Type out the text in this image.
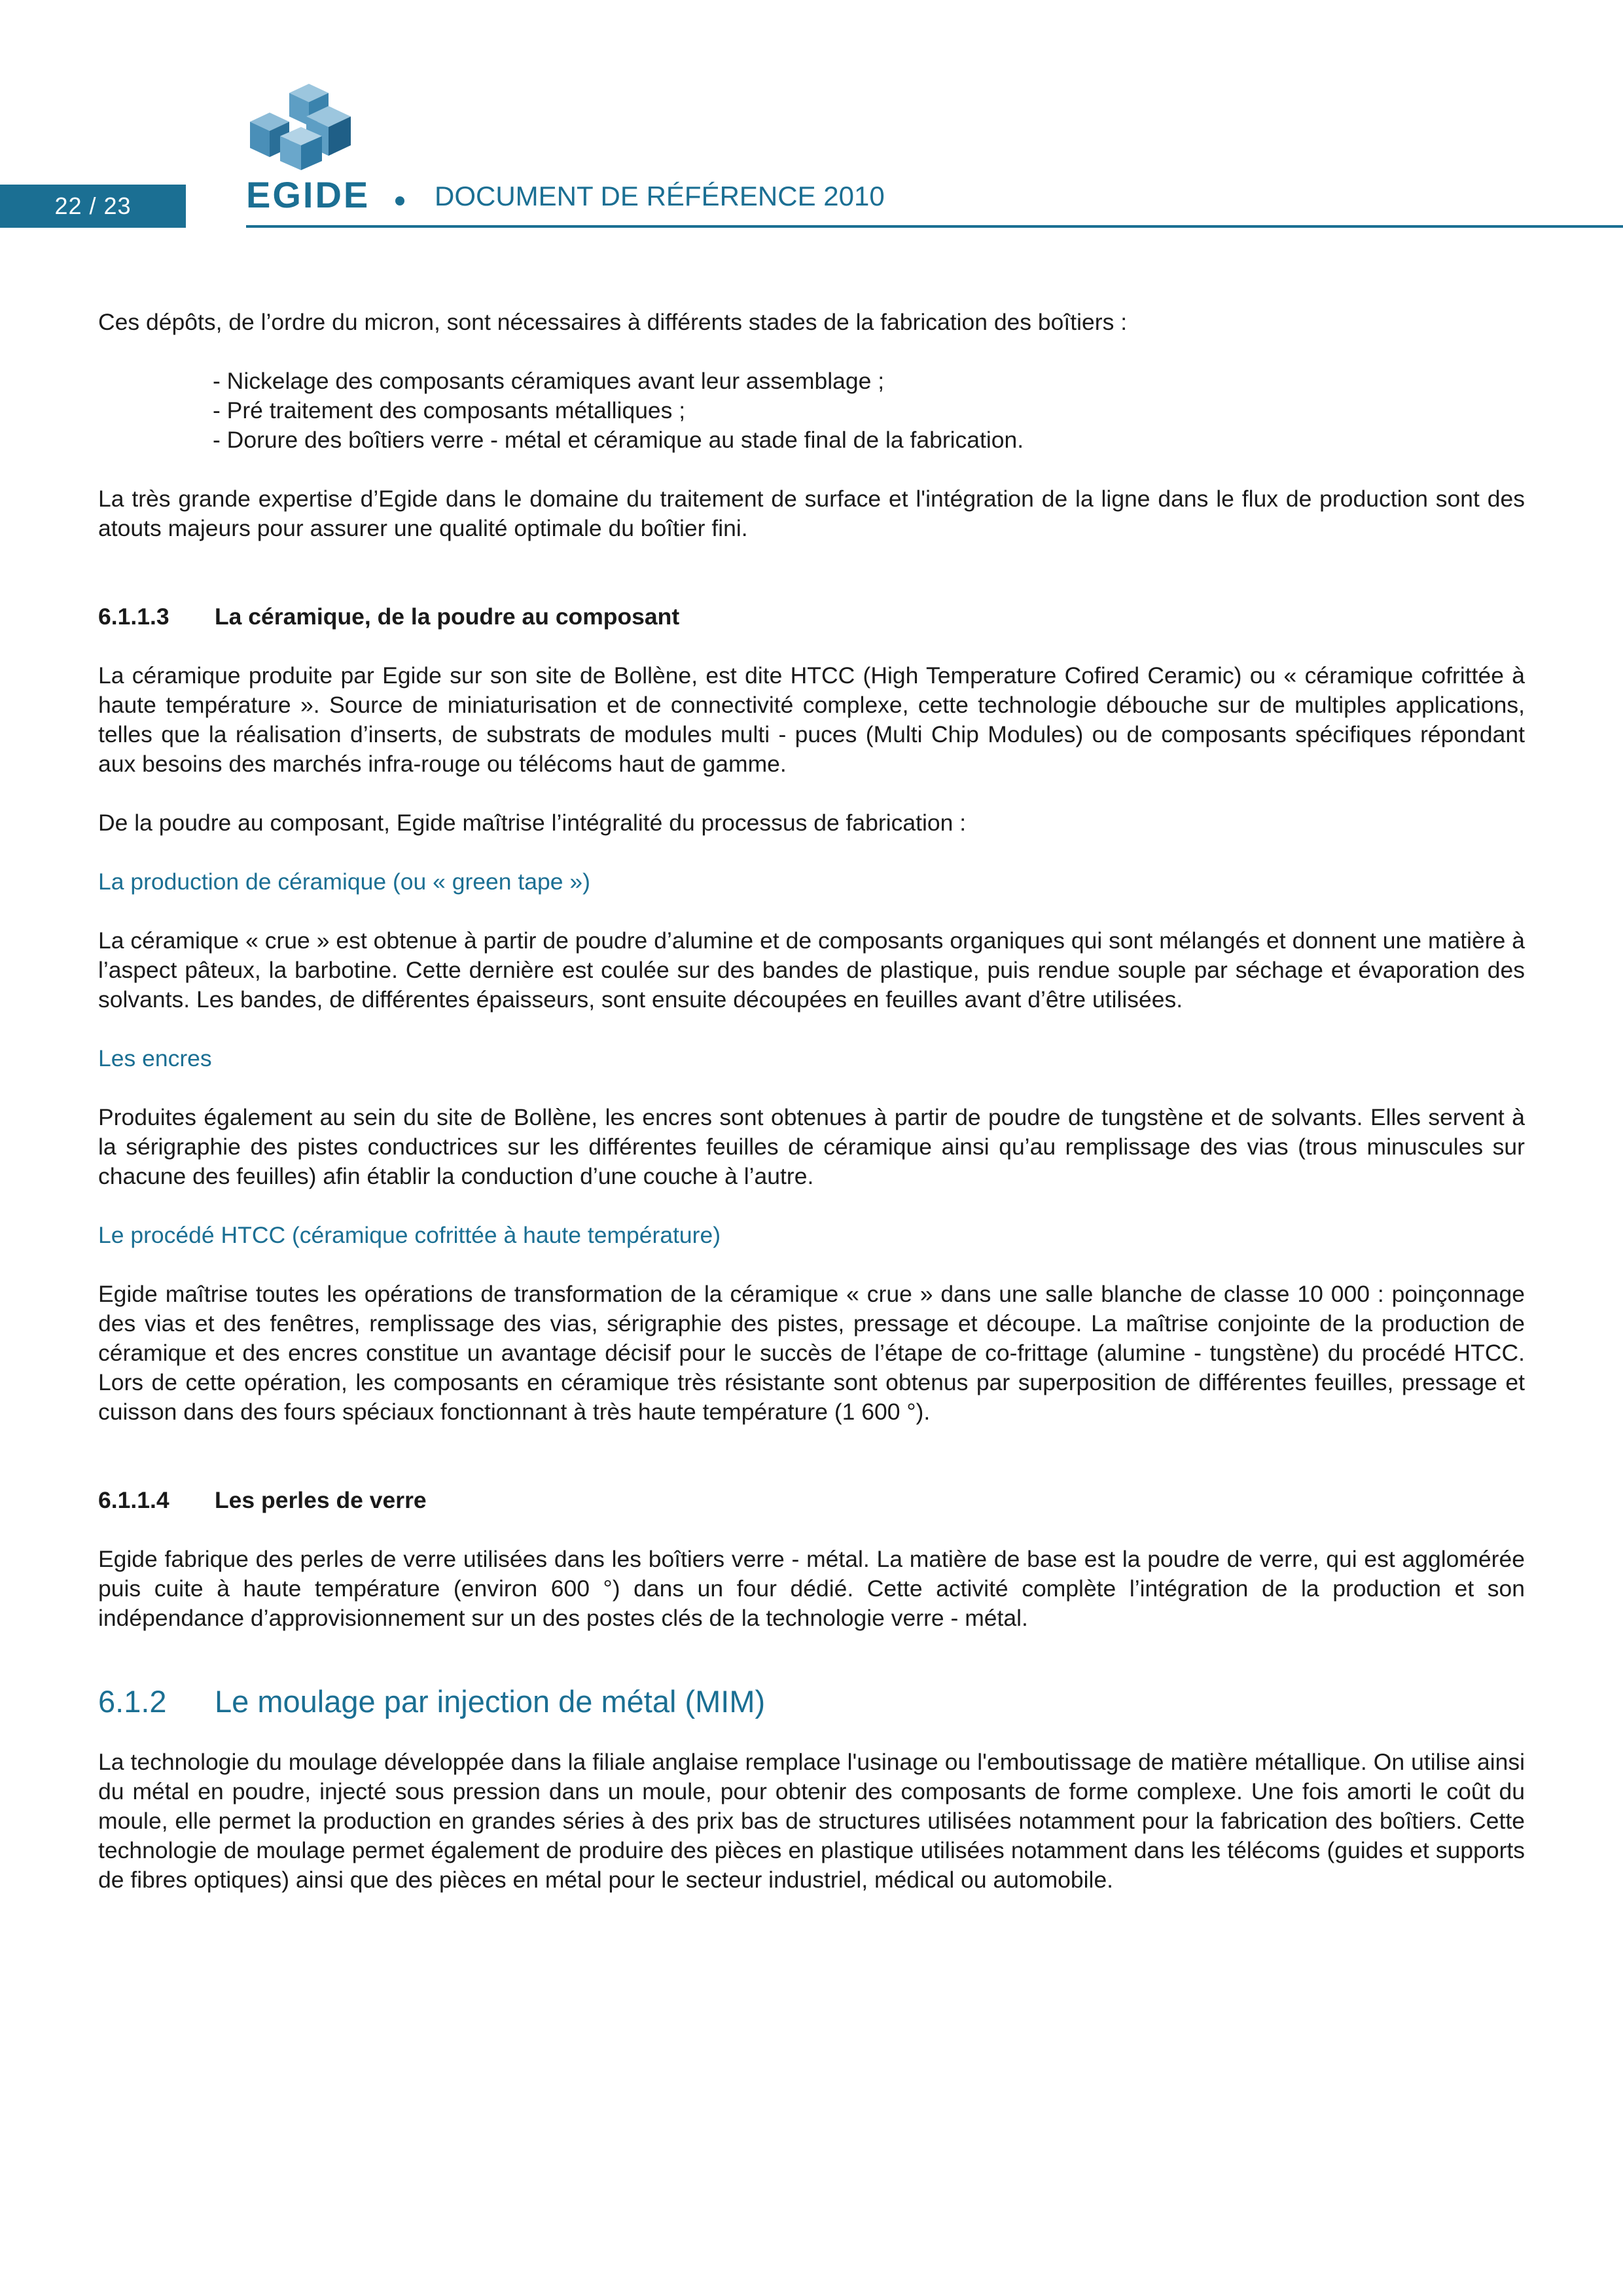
22 / 23	EGIDE DOCUMENT DE RÉFÉRENCE 2010

Ces dépôts, de l’ordre du micron, sont nécessaires à différents stades de la fabrication des boîtiers :

- Nickelage des composants céramiques avant leur assemblage ;

- Pré traitement des composants métalliques ;

- Dorure des boîtiers verre - métal et céramique au stade final de la fabrication.

La très grande expertise d’Egide dans le domaine du traitement de surface et l'intégration de la ligne dans le flux de production sont des atouts majeurs pour assurer une qualité optimale du boîtier fini.

6.1.1.3	La céramique, de la poudre au composant

La céramique produite par Egide sur son site de Bollène, est dite HTCC (High Temperature Cofired Ceramic) ou « céramique cofrittée à haute température ». Source de miniaturisation et de connectivité complexe, cette technologie débouche sur de multiples applications, telles que la réalisation d’inserts, de substrats de modules multi - puces (Multi Chip Modules) ou de composants spécifiques répondant aux besoins des marchés infra-rouge ou télécoms haut de gamme.

De la poudre au composant, Egide maîtrise l’intégralité du processus de fabrication :

La production de céramique (ou « green tape »)

La céramique « crue » est obtenue à partir de poudre d’alumine et de composants organiques qui sont mélangés et donnent une matière à l’aspect pâteux, la barbotine. Cette dernière est coulée sur des bandes de plastique, puis rendue souple par séchage et évaporation des solvants. Les bandes, de différentes épaisseurs, sont ensuite découpées en feuilles avant d’être utilisées.

Les encres

Produites également au sein du site de Bollène, les encres sont obtenues à partir de poudre de tungstène et de solvants. Elles servent à la sérigraphie des pistes conductrices sur les différentes feuilles de céramique ainsi qu’au remplissage des vias (trous minuscules sur chacune des feuilles) afin établir la conduction d’une couche à l’autre.

Le procédé HTCC (céramique cofrittée à haute température)

Egide maîtrise toutes les opérations de transformation de la céramique « crue » dans une salle blanche de classe 10 000 : poinçonnage des vias et des fenêtres, remplissage des vias, sérigraphie des pistes, pressage et découpe. La maîtrise conjointe de la production de céramique et des encres constitue un avantage décisif pour le succès de l’étape de co-frittage (alumine - tungstène) du procédé HTCC. Lors de cette opération, les composants en céramique très résistante sont obtenus par superposition de différentes feuilles, pressage et cuisson dans des fours spéciaux fonctionnant à très haute température (1 600 °).

6.1.1.4	Les perles de verre

Egide fabrique des perles de verre utilisées dans les boîtiers verre - métal. La matière de base est la poudre de verre, qui est agglomérée puis cuite à haute température (environ 600 °) dans un four dédié. Cette activité complète l’intégration de la production et son indépendance d’approvisionnement sur un des postes clés de la technologie verre - métal.

6.1.2	Le moulage par injection de métal (MIM)

La technologie du moulage développée dans la filiale anglaise remplace l'usinage ou l'emboutissage de matière métallique. On utilise ainsi du métal en poudre, injecté sous pression dans un moule, pour obtenir des composants de forme complexe. Une fois amorti le coût du moule, elle permet la production en grandes séries à des prix bas de structures utilisées notamment pour la fabrication des boîtiers. Cette technologie de moulage permet également de produire des pièces en plastique utilisées notamment dans les télécoms (guides et supports de fibres optiques) ainsi que des pièces en métal pour le secteur industriel, médical ou automobile.
